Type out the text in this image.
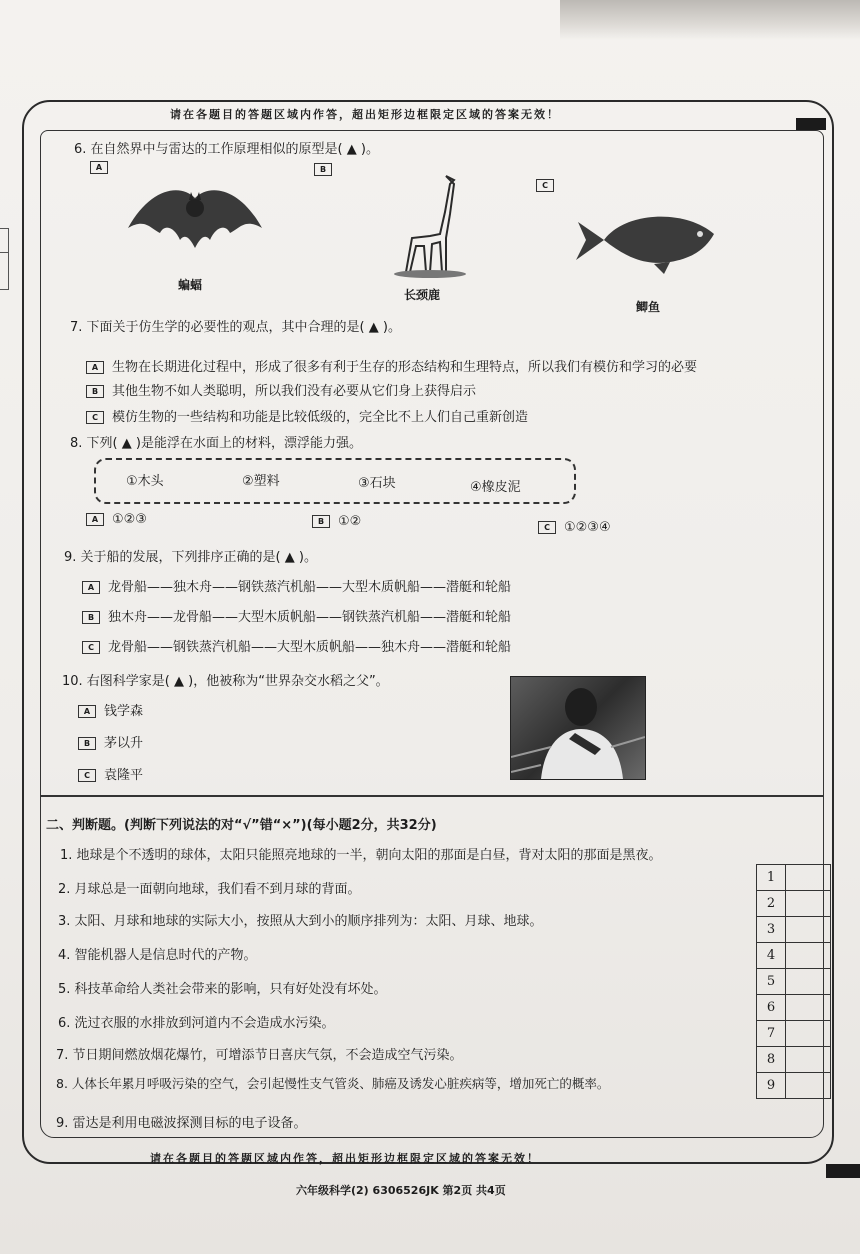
请在各题目的答题区域内作答，超出矩形边框限定区域的答案无效！
6. 在自然界中与雷达的工作原理相似的原型是( ▲ )。
A	B
C
蝙蝠
长颈鹿
鲫鱼
7. 下面关于仿生学的必要性的观点，其中合理的是( ▲ )。
A 生物在长期进化过程中，形成了很多有利于生存的形态结构和生理特点，所以我们有模仿和学习的必要
B 其他生物不如人类聪明，所以我们没有必要从它们身上获得启示
C 模仿生物的一些结构和功能是比较低级的，完全比不上人们自己重新创造
8. 下列( ▲ )是能浮在水面上的材料，漂浮能力强。
①木头	②塑料	③石块	④橡皮泥
A ①②③	B ①②	C ①②③④
9. 关于船的发展，下列排序正确的是( ▲ )。
A 龙骨船——独木舟——钢铁蒸汽机船——大型木质帆船——潜艇和轮船
B 独木舟——龙骨船——大型木质帆船——钢铁蒸汽机船——潜艇和轮船
C 龙骨船——钢铁蒸汽机船——大型木质帆船——独木舟——潜艇和轮船
10. 右图科学家是( ▲ )，他被称为“世界杂交水稻之父”。
A 钱学森
B 茅以升
C 袁隆平
二、判断题。(判断下列说法的对“√”错“×”)(每小题2分，共32分)
1. 地球是个不透明的球体，太阳只能照亮地球的一半，朝向太阳的那面是白昼，背对太阳的那面是黑夜。
2. 月球总是一面朝向地球，我们看不到月球的背面。
3. 太阳、月球和地球的实际大小，按照从大到小的顺序排列为：太阳、月球、地球。
4. 智能机器人是信息时代的产物。
5. 科技革命给人类社会带来的影响，只有好处没有坏处。
6. 洗过衣服的水排放到河道内不会造成水污染。
7. 节日期间燃放烟花爆竹，可增添节日喜庆气氛，不会造成空气污染。
8. 人体长年累月呼吸污染的空气，会引起慢性支气管炎、肺癌及诱发心脏疾病等，增加死亡的概率。
9. 雷达是利用电磁波探测目标的电子设备。
1	
2	
3	
4	
5	
6	
7	
8	
9	
请在各题目的答题区域内作答，超出矩形边框限定区域的答案无效！
六年级科学(2) 6306526JK 第2页 共4页
